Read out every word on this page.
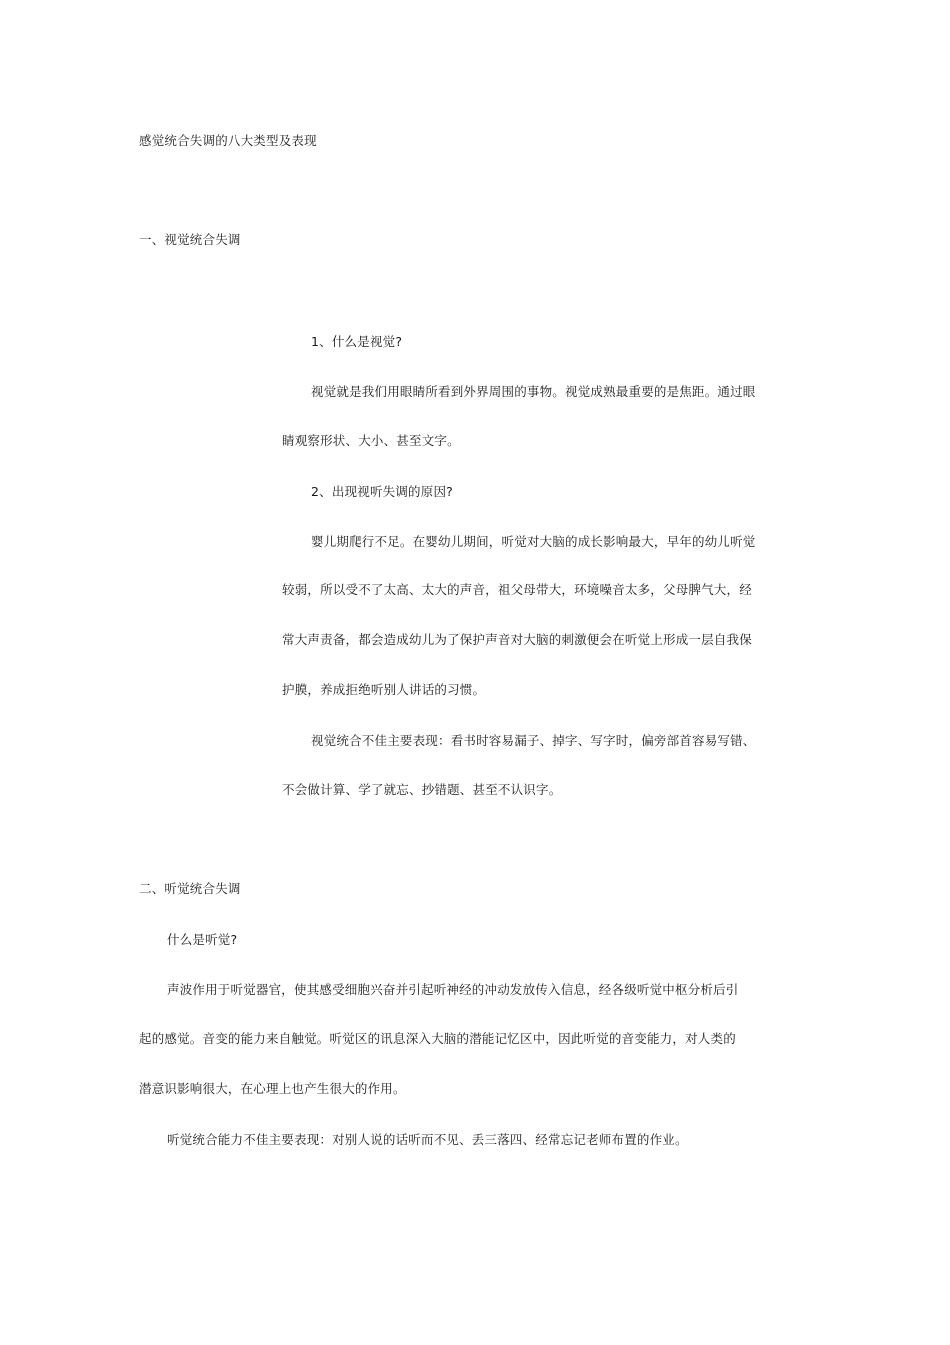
感觉统合失调的八大类型及表现
一、视觉统合失调
1、什么是视觉?
视觉就是我们用眼睛所看到外界周围的事物。视觉成熟最重要的是焦距。通过眼
睛观察形状、大小、甚至文字。
2、出现视听失调的原因?
婴儿期爬行不足。在婴幼儿期间，听觉对大脑的成长影响最大，早年的幼儿听觉
较弱，所以受不了太高、太大的声音，祖父母带大，环境噪音太多，父母脾气大，经
常大声责备，都会造成幼儿为了保护声音对大脑的刺激便会在听觉上形成一层自我保
护膜，养成拒绝听别人讲话的习惯。
视觉统合不佳主要表现：看书时容易漏子、掉字、写字时，偏旁部首容易写错、
不会做计算、学了就忘、抄错题、甚至不认识字。
二、听觉统合失调
什么是听觉?
声波作用于听觉器官，使其感受细胞兴奋并引起听神经的冲动发放传入信息，经各级听觉中枢分析后引
起的感觉。音变的能力来自触觉。听觉区的讯息深入大脑的潜能记忆区中，因此听觉的音变能力，对人类的
潜意识影响很大，在心理上也产生很大的作用。
听觉统合能力不佳主要表现：对别人说的话听而不见、丢三落四、经常忘记老师布置的作业。
